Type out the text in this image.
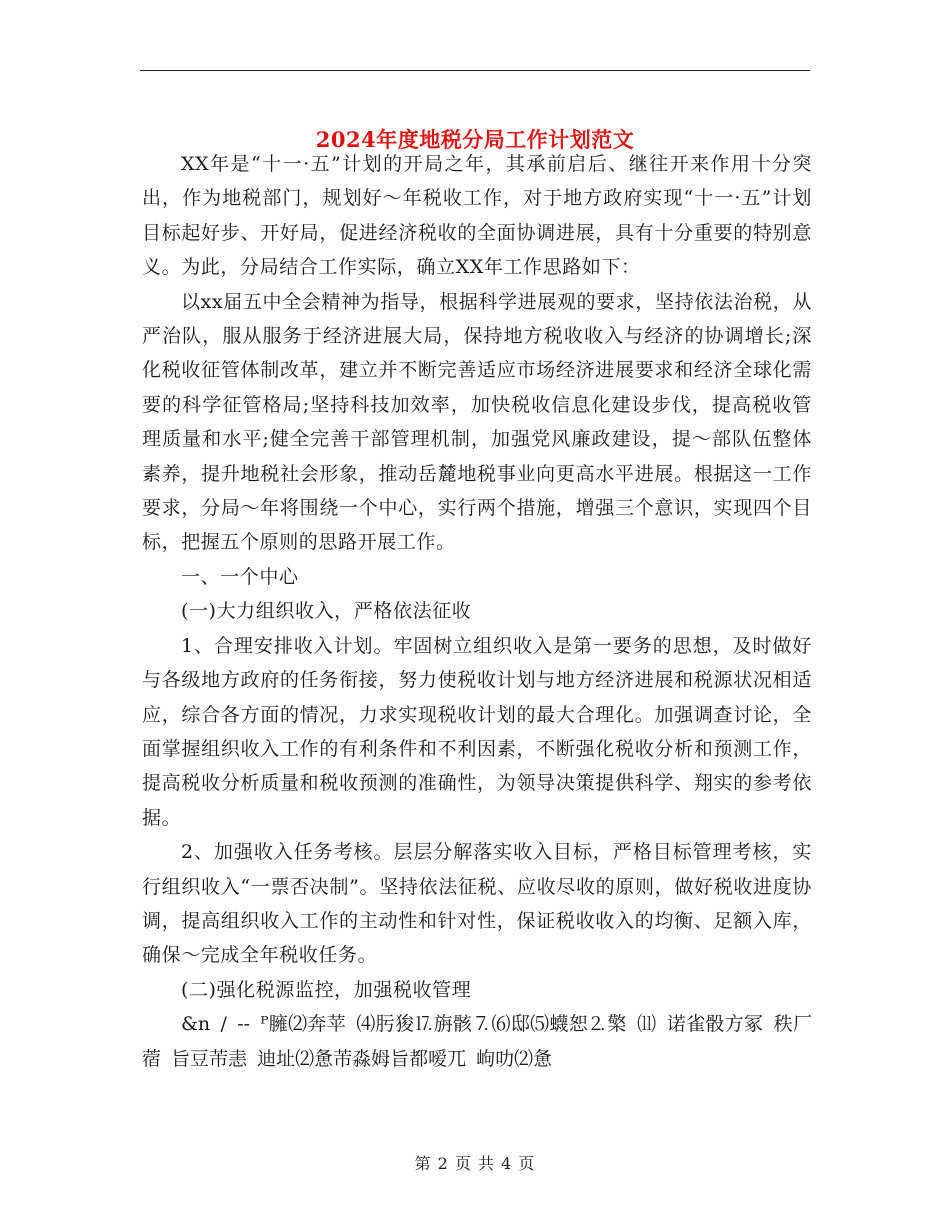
2024年度地税分局工作计划范文

XX年是“十一·五”计划的开局之年，其承前启后、继往开来作用十分突出，作为地税部门，规划好～年税收工作，对于地方政府实现“十一·五”计划目标起好步、开好局，促进经济税收的全面协调进展，具有十分重要的特别意义。为此，分局结合工作实际，确立XX年工作思路如下：

以xx届五中全会精神为指导，根据科学进展观的要求，坚持依法治税，从严治队，服从服务于经济进展大局，保持地方税收收入与经济的协调增长;深化税收征管体制改革，建立并不断完善适应市场经济进展要求和经济全球化需要的科学征管格局;坚持科技加效率，加快税收信息化建设步伐，提高税收管理质量和水平;健全完善干部管理机制，加强党风廉政建设，提～部队伍整体素养，提升地税社会形象，推动岳麓地税事业向更高水平进展。根据这一工作要求，分局～年将围绕一个中心，实行两个措施，增强三个意识，实现四个目标，把握五个原则的思路开展工作。

一、一个中心

(一)大力组织收入，严格依法征收

1、合理安排收入计划。牢固树立组织收入是第一要务的思想，及时做好与各级地方政府的任务衔接，努力使税收计划与地方经济进展和税源状况相适应，综合各方面的情况，力求实现税收计划的最大合理化。加强调查讨论，全面掌握组织收入工作的有利条件和不利因素，不断强化税收分析和预测工作，提高税收分析质量和税收预测的准确性，为领导决策提供科学、翔实的参考依据。

2、加强收入任务考核。层层分解落实收入目标，严格目标管理考核，实行组织收入“一票否决制”。坚持依法征税、应收尽收的原则，做好税收进度协调，提高组织收入工作的主动性和针对性，保证税收收入的均衡、足额入库，确保～完成全年税收任务。

(二)强化税源监控，加强税收管理

&n / -- ᴾ臃⑵奔苹 ⑷肟狻⒘旃骸⒎⑹邸⑸蠛恕⒉檠 ⑾ 诺雀骰方冢 秩厂蓿 旨豆芾恚 迪址⑵惫芾淼姆旨都嗳兀 岣叻⑵惫

第 2 页 共 4 页
